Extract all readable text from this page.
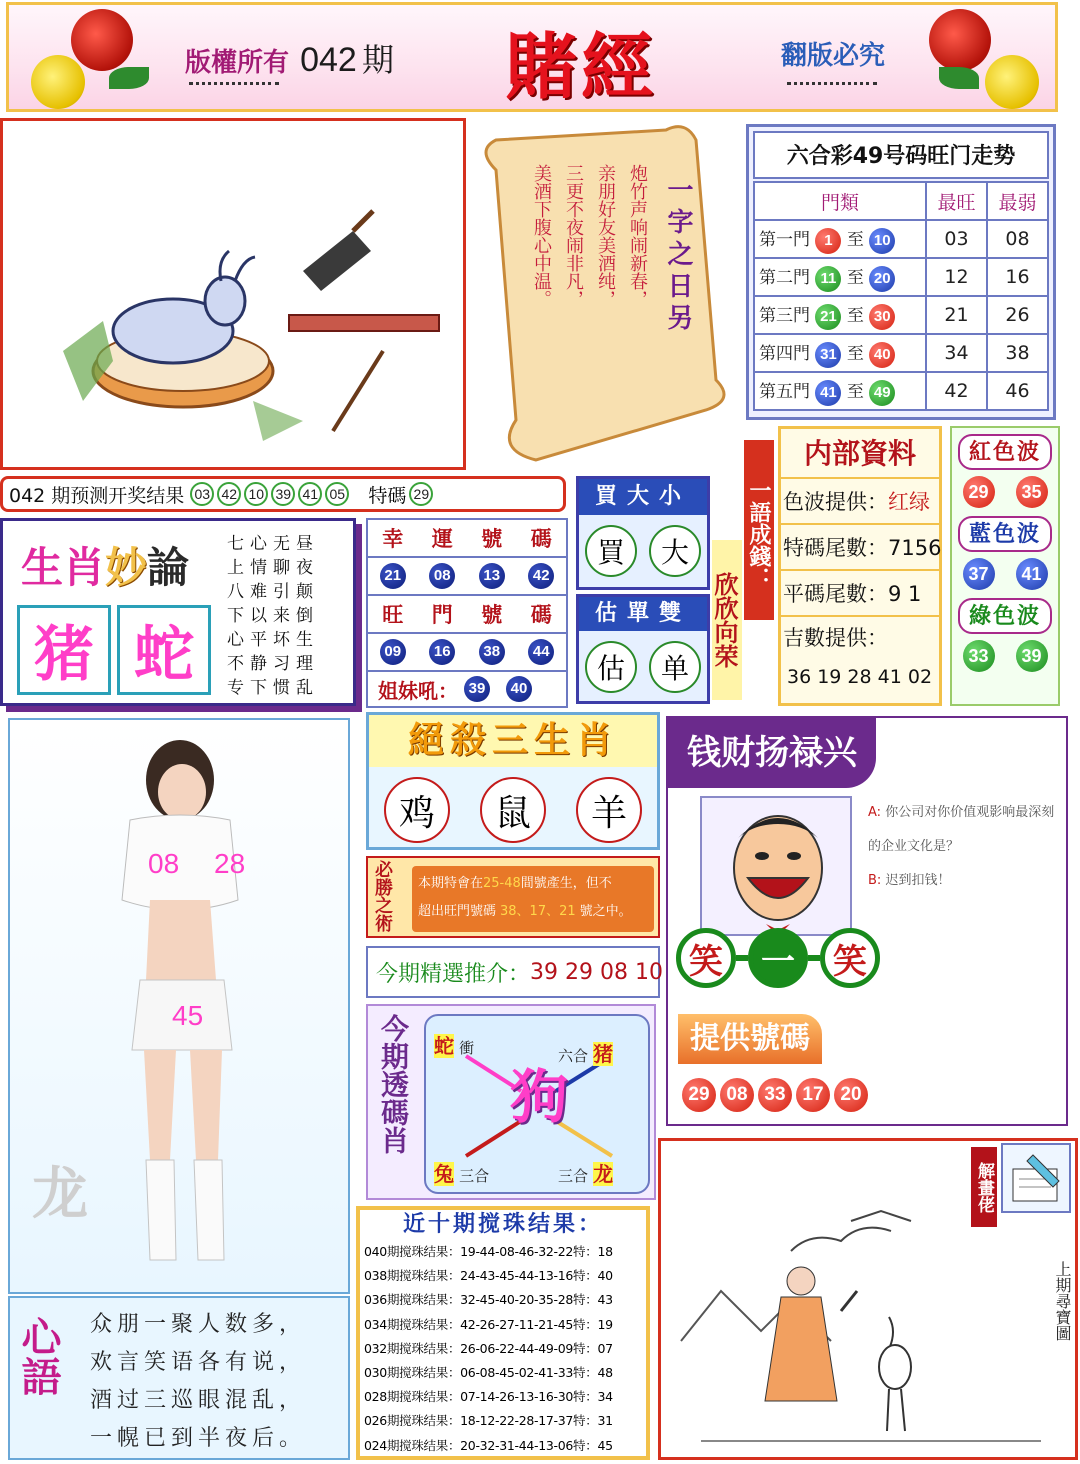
版權所有 042 期 賭經	翻版必究
一字之日另
炮竹声响闹新春，
亲朋好友美酒纯，
三更不夜闹非凡，
美酒下腹心中温。
六合彩49号码旺门走势
門類	最旺	最弱
第一門 1 至 10	03	08
第二門 11 至 20	12	16
第三門 21 至 30	21	26
第四門 31 至 40	34	38
第五門 41 至 49	42	46
042 期预测开奖结果 03 42 10 39 41 05 特碼 29	買大小
買	大
估單雙
估	单
欣欣向荣
一語成錢：
内部資料
色波提供：红绿
特碼尾數：7156
平碼尾數：9 1
吉數提供：
36 19 28 41 02
紅色波
29	35
藍色波
37	41
綠色波
33	39
生肖妙論
猪 蛇
七心无昼
上情聊夜
八难引颠
下以来倒
心平坏生
不静习理
专下惯乱
幸 運 號 碼
21	08	13	42
旺 門 號 碼
09	16	38	44
姐妹吼： 39	40
絕殺三生肖
鸡	鼠	羊
必勝之術 本期特會在25-48間號產生，但不
超出旺門號碼 38、17、21 號之中。
今期精選推介： 39 29 08 10
今期透碼肖 狗
蛇 衝	六合 猪
兔 三合	三合 龙
08 28
45
龙
心語 众朋一聚人数多，
欢言笑语各有说，
酒过三巡眼混乱，
一幌已到半夜后。
钱财扬禄兴
A: 你公司对你价值观影响最深刻的企业文化是？
B: 迟到扣钱！
笑	一	笑
提供號碼
29 08 33 17 20
近十期搅珠结果：
040期搅珠结果：19-44-08-46-32-22特：18
038期搅珠结果：24-43-45-44-13-16特：40
036期搅珠结果：32-45-40-20-35-28特：43
034期搅珠结果：42-26-27-11-21-45特：19
032期搅珠结果：26-06-22-44-49-09特：07
030期搅珠结果：06-08-45-02-41-33特：48
028期搅珠结果：07-14-26-13-16-30特：34
026期搅珠结果：18-12-22-28-17-37特：31
024期搅珠结果：20-32-31-44-13-06特：45
解畫佬
上期尋寶圖
